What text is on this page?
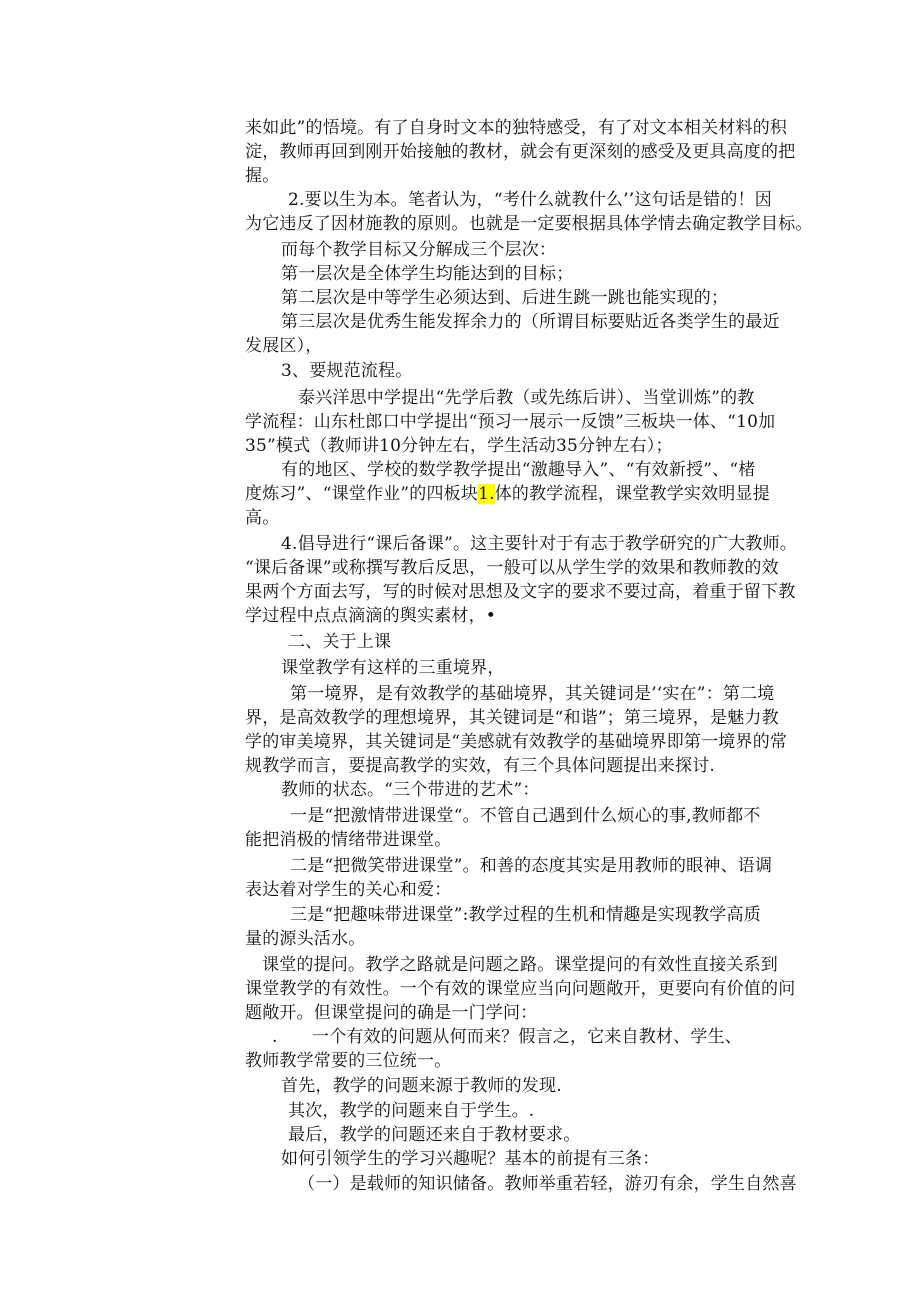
来如此”的悟境。有了自身时文本的独特感受，有了对文本相关材料的积
淀，教师再回到刚开始接触的教材，就会有更深刻的感受及更具高度的把
握。
2.要以生为本。笔者认为，“考什么就教什么’’这句话是错的！因
为它违反了因材施教的原则。也就是一定要根据具体学情去确定教学目标。
而每个教学目标又分解成三个层次：
第一层次是全体学生均能达到的目标；
第二层次是中等学生必须达到、后进生跳一跳也能实现的；
第三层次是优秀生能发挥余力的（所谓目标要贴近各类学生的最近
发展区），
3、要规范流程。
泰兴洋思中学提出“先学后教（或先练后讲）、当堂训炼”的教
学流程：山东杜郎口中学提出“预习一展示一反馈”三板块一体、“10加
35”模式（教师讲10分钟左右，学生活动35分钟左右）；
有的地区、学校的数学教学提出“激趣导入”、“有效新授”、“楮
度炼习”、“课堂作业”的四板块1.体的教学流程，课堂教学实效明显提
高。
4.倡导进行“课后备课”。这主要针对于有志于教学研究的广大教师。
“课后备课”或称撰写教后反思，一般可以从学生学的效果和教师教的效
果两个方面去写，写的时候对思想及文字的要求不要过高，着重于留下教
学过程中点点滴滴的舆实素材，•
二、关于上课
课堂教学有这样的三重境界，
第一境界，是有效教学的基础境界，其关键词是’‘实在”：第二境
界，是高效教学的理想境界，其关键词是“和谐”；第三境界，是魅力教
学的审美境界，其关键词是“美感就有效教学的基础境界即第一境界的常
规教学而言，要提高教学的实效，有三个具体问题提出来探讨.
教师的状态。“三个带进的艺术”：
一是“把激情带进课堂“。不管自己遇到什么烦心的事,教师都不
能把消极的情绪带进课堂。
二是“把微笑带进课堂”。和善的态度其实是用教师的眼神、语调
表达着对学生的关心和爱：
三是“把趣味带进课堂”:教学过程的生机和情趣是实现教学高质
量的源头活水。
课堂的提问。教学之路就是问题之路。课堂提问的有效性直接关系到
课堂教学的有效性。一个有效的课堂应当向问题敞开，更要向有价值的问
题敞开。但课堂提问的确是一门学问：
. 一个有效的问题从何而来？假言之，它来自教材、学生、
教师教学常要的三位统一。
首先，教学的问题来源于教师的发现.
其次，教学的问题来自于学生。.
最后，教学的问题还来自于教材要求。
如何引领学生的学习兴趣呢？基本的前提有三条：
（一）是载师的知识储备。教师举重若轻，游刃有余，学生自然喜
